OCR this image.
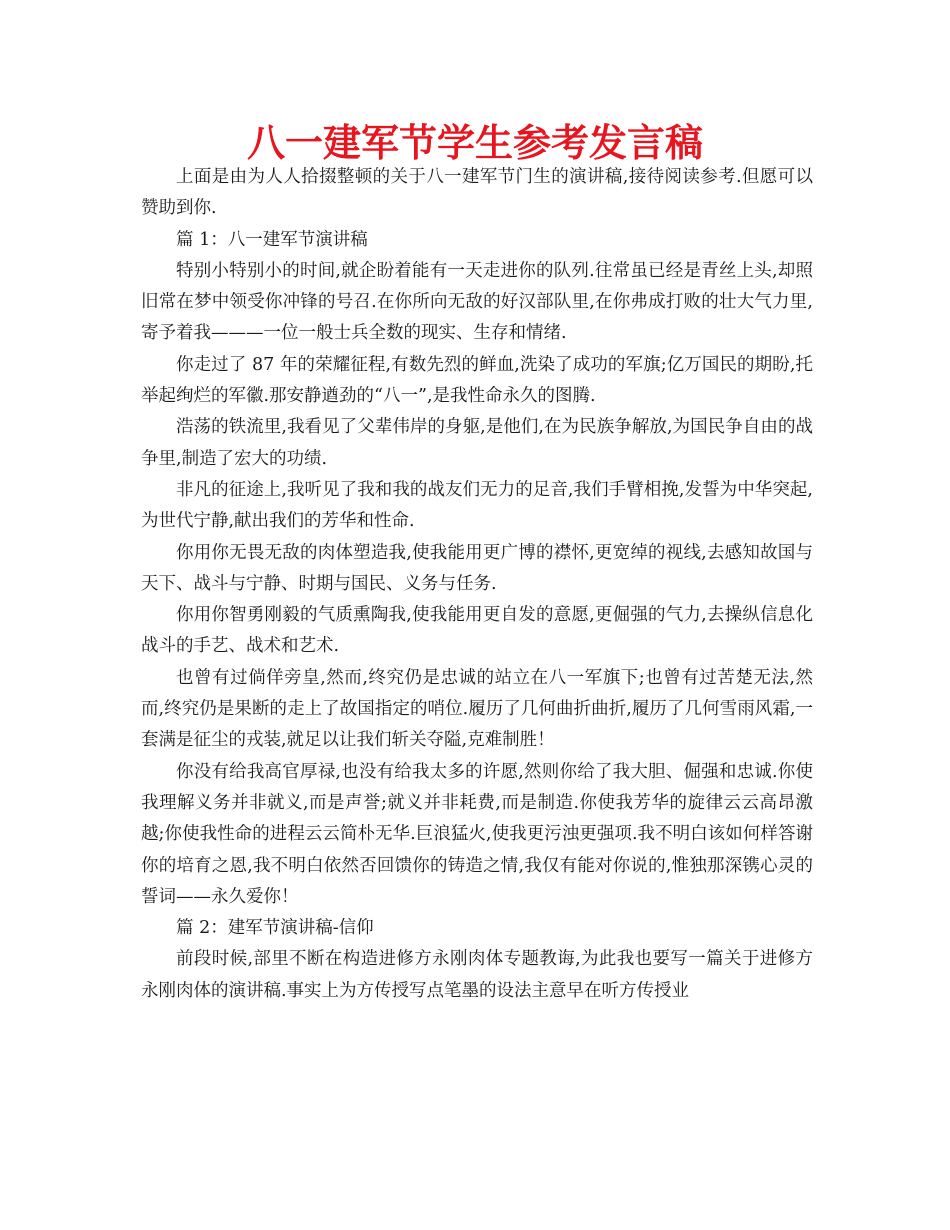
八一建军节学生参考发言稿

上面是由为人人拾掇整顿的关于八一建军节门生的演讲稿,接待阅读参考.但愿可以赞助到你.

篇 1：八一建军节演讲稿

特别小特别小的时间,就企盼着能有一天走进你的队列.往常虽已经是青丝上头,却照旧常在梦中领受你冲锋的号召.在你所向无敌的好汉部队里,在你弗成打败的壮大气力里,寄予着我———一位一般士兵全数的现实、生存和情绪.

你走过了 87 年的荣耀征程,有数先烈的鲜血,洗染了成功的军旗;亿万国民的期盼,托举起绚烂的军徽.那安静遒劲的“八一”,是我性命永久的图腾.

浩荡的铁流里,我看见了父辈伟岸的身躯,是他们,在为民族争解放,为国民争自由的战争里,制造了宏大的功绩.

非凡的征途上,我听见了我和我的战友们无力的足音,我们手臂相挽,发誓为中华突起,为世代宁静,献出我们的芳华和性命.

你用你无畏无敌的肉体塑造我,使我能用更广博的襟怀,更宽绰的视线,去感知故国与天下、战斗与宁静、时期与国民、义务与任务.

你用你智勇刚毅的气质熏陶我,使我能用更自发的意愿,更倔强的气力,去操纵信息化战斗的手艺、战术和艺术.

也曾有过倘佯旁皇,然而,终究仍是忠诚的站立在八一军旗下;也曾有过苦楚无法,然而,终究仍是果断的走上了故国指定的哨位.履历了几何曲折曲折,履历了几何雪雨风霜,一套满是征尘的戎装,就足以让我们斩关夺隘,克难制胜！

你没有给我高官厚禄,也没有给我太多的许愿,然则你给了我大胆、倔强和忠诚.你使我理解义务并非就义,而是声誉;就义并非耗费,而是制造.你使我芳华的旋律云云高昂激越;你使我性命的进程云云简朴无华.巨浪猛火,使我更污浊更强项.我不明白该如何样答谢你的培育之恩,我不明白依然否回馈你的铸造之情,我仅有能对你说的,惟独那深镌心灵的誓词——永久爱你！

篇 2：建军节演讲稿-信仰

前段时候,部里不断在构造进修方永刚肉体专题教诲,为此我也要写一篇关于进修方永刚肉体的演讲稿.事实上为方传授写点笔墨的设法主意早在听方传授业
